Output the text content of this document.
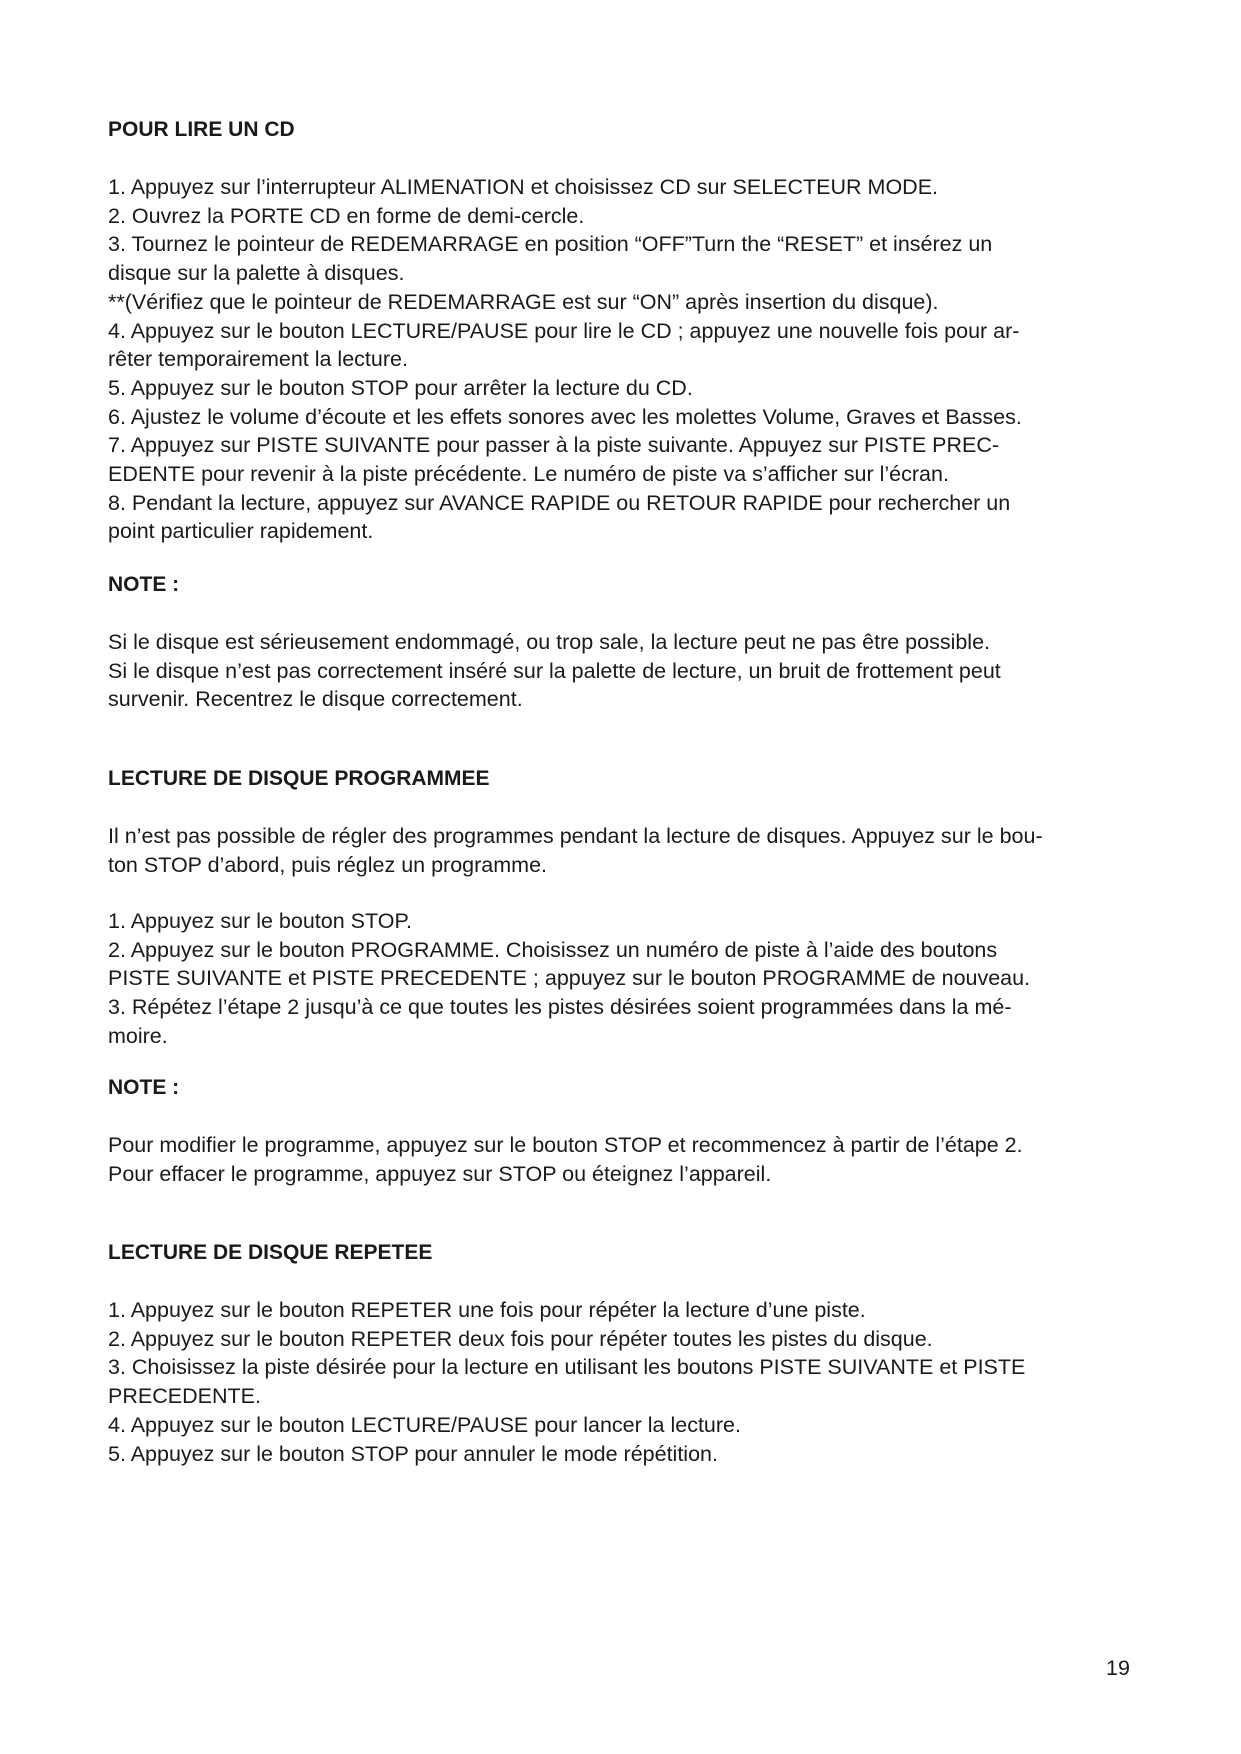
POUR LIRE UN CD
1. Appuyez sur l’interrupteur ALIMENATION et choisissez CD sur SELECTEUR MODE.
2. Ouvrez la PORTE CD en forme de demi-cercle.
3. Tournez le pointeur de REDEMARRAGE en position “OFF”Turn the “RESET” et insérez un
disque sur la palette à disques.
**(Vérifiez que le pointeur de REDEMARRAGE est sur “ON” après insertion du disque).
4. Appuyez sur le bouton LECTURE/PAUSE pour lire le CD ; appuyez une nouvelle fois pour ar-
rêter temporairement la lecture.
5. Appuyez sur le bouton STOP pour arrêter la lecture du CD.
6. Ajustez le volume d’écoute et les effets sonores avec les molettes Volume, Graves et Basses.
7. Appuyez sur PISTE SUIVANTE pour passer à la piste suivante. Appuyez sur PISTE PREC-
EDENTE pour revenir à la piste précédente. Le numéro de piste va s’afficher sur l’écran.
8. Pendant la lecture, appuyez sur AVANCE RAPIDE ou RETOUR RAPIDE pour rechercher un
point particulier rapidement.
NOTE :
Si le disque est sérieusement endommagé, ou trop sale, la lecture peut ne pas être possible.
Si le disque n’est pas correctement inséré sur la palette de lecture, un bruit de frottement peut
survenir. Recentrez le disque correctement.
LECTURE DE DISQUE PROGRAMMEE
Il n’est pas possible de régler des programmes pendant la lecture de disques. Appuyez sur le bou-
ton STOP d’abord, puis réglez un programme.
1. Appuyez sur le bouton STOP.
2. Appuyez sur le bouton PROGRAMME. Choisissez un numéro de piste à l’aide des boutons
PISTE SUIVANTE et PISTE PRECEDENTE ; appuyez sur le bouton PROGRAMME de nouveau.
3. Répétez l’étape 2 jusqu’à ce que toutes les pistes désirées soient programmées dans la mé-
moire.
NOTE :
Pour modifier le programme, appuyez sur le bouton STOP et recommencez à partir de l’étape 2.
Pour effacer le programme, appuyez sur STOP ou éteignez l’appareil.
LECTURE DE DISQUE REPETEE
1. Appuyez sur le bouton REPETER une fois pour répéter la lecture d’une piste.
2. Appuyez sur le bouton REPETER deux fois pour répéter toutes les pistes du disque.
3. Choisissez la piste désirée pour la lecture en utilisant les boutons PISTE SUIVANTE et PISTE
PRECEDENTE.
4. Appuyez sur le bouton LECTURE/PAUSE pour lancer la lecture.
5. Appuyez sur le bouton STOP pour annuler le mode répétition.
19
